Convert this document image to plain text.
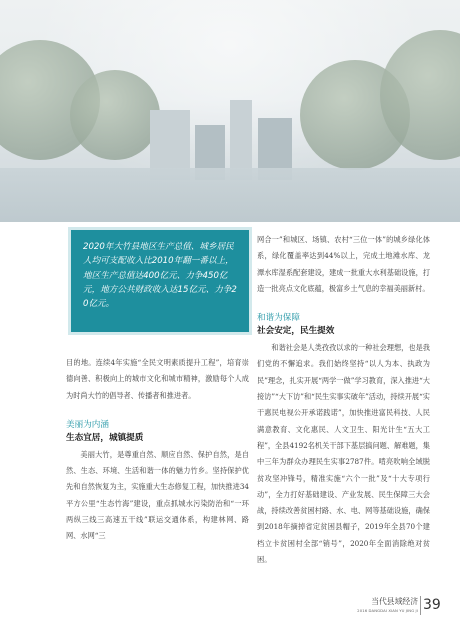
2020年大竹县地区生产总值、城乡居民人均可支配收入比2010年翻一番以上，地区生产总值达400亿元、力争450亿元，地方公共财政收入达15亿元、力争20亿元。

目的地。连续4年实施“全民文明素质提升工程”，培育崇德向善、积极向上的城市文化和城市精神，激励每个人成为时尚大竹的倡导者、传播者和推进者。

美丽为内涵
生态宜居，城镇提质

美丽大竹，是尊重自然、顺应自然、保护自然，是自然、生态、环境、生活和谐一体的魅力竹乡。坚持保护优先和自然恢复为主，实施重大生态修复工程，加快推进34平方公里“生态竹海”建设，重点抓城水污染防治和“一环两纵三线三高速五干线”联运交通体系，构建林网、路网、水网“三

网合一”和城区、场镇、农村“三位一体”的城乡绿化体系，绿化覆盖率达到44%以上，完成土地滩水库、龙潭水库湿系配套建设，建成一批重大水利基础设施，打造一批亮点文化底蕴，极富乡土气息的幸福美丽新村。

和谐为保障
社会安定，民生提效

和谐社会是人类孜孜以求的一种社会理想，也是我们党的不懈追求。我们始终坚持“以人为本、执政为民”理念，扎实开展“两学一做”学习教育，深入推进“大接访”“大下访”和“民生实事实破年”活动，持续开展“实干惠民电视公开承诺践诺”，加快推进富民科技、人民满意教育、文化惠民、人文卫生、阳光计生“五大工程”，全县4192名机关干部下基层搞问题、解难题，集中三年为群众办理民生实事2787件。啃亮吹响全域脱贫攻坚冲锋号，精准实施“六个一批”及“十大专项行动”，全力打好基础建设、产业发展、民生保障三大会战，持续改善贫困村路、水、电、网等基础设施，确保到2018年摘掉省定贫困县帽子，2019年全县70个建档立卡贫困村全部“销号”，2020年全面消除绝对贫困。

当代县域经济
2016 DANGDAI XIAN YU JING JI 39
